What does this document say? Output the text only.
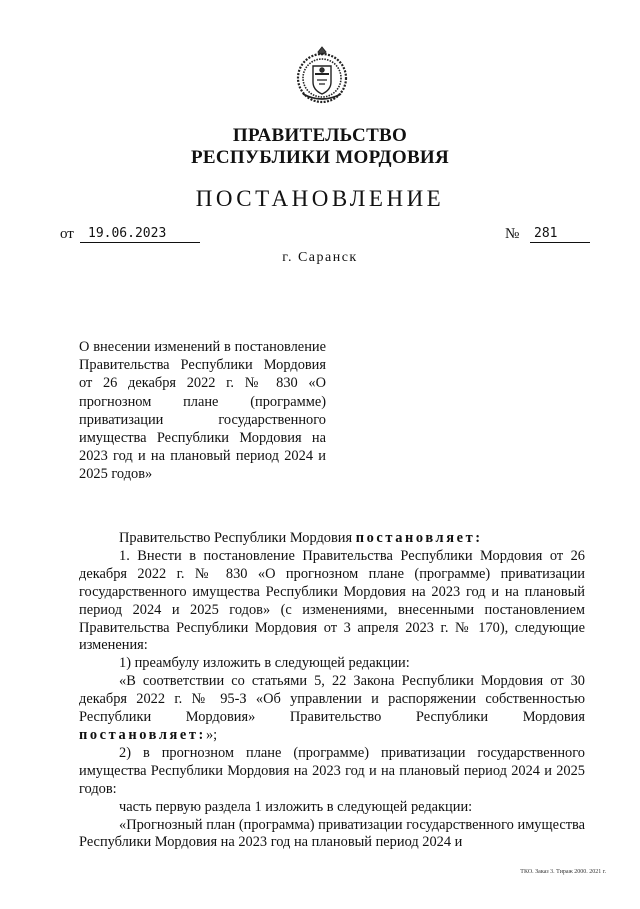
ПРАВИТЕЛЬСТВО
РЕСПУБЛИКИ МОРДОВИЯ
ПОСТАНОВЛЕНИЕ
от	19.06.2023	№	281
г. Саранск

О внесении изменений в постановление Правительства Республики Мордовия от 26 декабря 2022 г. № 830 «О прогнозном плане (программе) приватизации государственного имущества Республики Мордовия на 2023 год и на плановый период 2024 и 2025 годов»

Правительство Республики Мордовия постановляет:

1. Внести в постановление Правительства Республики Мордовия от 26 декабря 2022 г. № 830 «О прогнозном плане (программе) приватизации государственного имущества Республики Мордовия на 2023 год и на плановый период 2024 и 2025 годов» (с изменениями, внесенными постановлением Правительства Республики Мордовия от 3 апреля 2023 г. № 170), следующие изменения:

1) преамбулу изложить в следующей редакции:

«В соответствии со статьями 5, 22 Закона Республики Мордовия от 30 декабря 2022 г. № 95-З «Об управлении и распоряжении собственностью Республики Мордовия» Правительство Республики Мордовия постановляет:»;

2) в прогнозном плане (программе) приватизации государственного имущества Республики Мордовия на 2023 год и на плановый период 2024 и 2025 годов:

часть первую раздела 1 изложить в следующей редакции:

«Прогнозный план (программа) приватизации государственного имущества Республики Мордовия на 2023 год на плановый период 2024 и

ТКО. Заказ 3. Тираж 2000. 2021 г.
